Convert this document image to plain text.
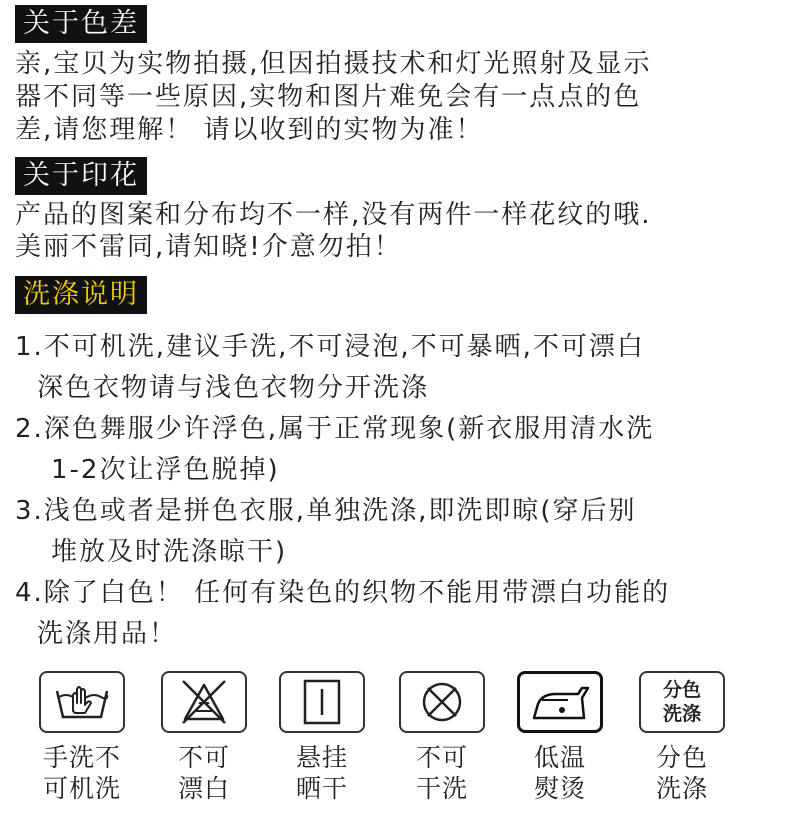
关于色差
亲,宝贝为实物拍摄,但因拍摄技术和灯光照射及显示
器不同等一些原因,实物和图片难免会有一点点的色
差,请您理解！ 请以收到的实物为准！
关于印花
产品的图案和分布均不一样,没有两件一样花纹的哦.
美丽不雷同,请知晓!介意勿拍！
洗涤说明
1.不可机洗,建议手洗,不可浸泡,不可暴晒,不可漂白
深色衣物请与浅色衣物分开洗涤
2.深色舞服少许浮色,属于正常现象(新衣服用清水洗
1-2次让浮色脱掉)
3.浅色或者是拼色衣服,单独洗涤,即洗即晾(穿后别
堆放及时洗涤晾干)
4.除了白色！ 任何有染色的织物不能用带漂白功能的
洗涤用品！
手洗不
可机洗
不可
漂白
悬挂
晒干
不可
干洗
低温
熨烫
分色
洗涤
分色
洗涤
